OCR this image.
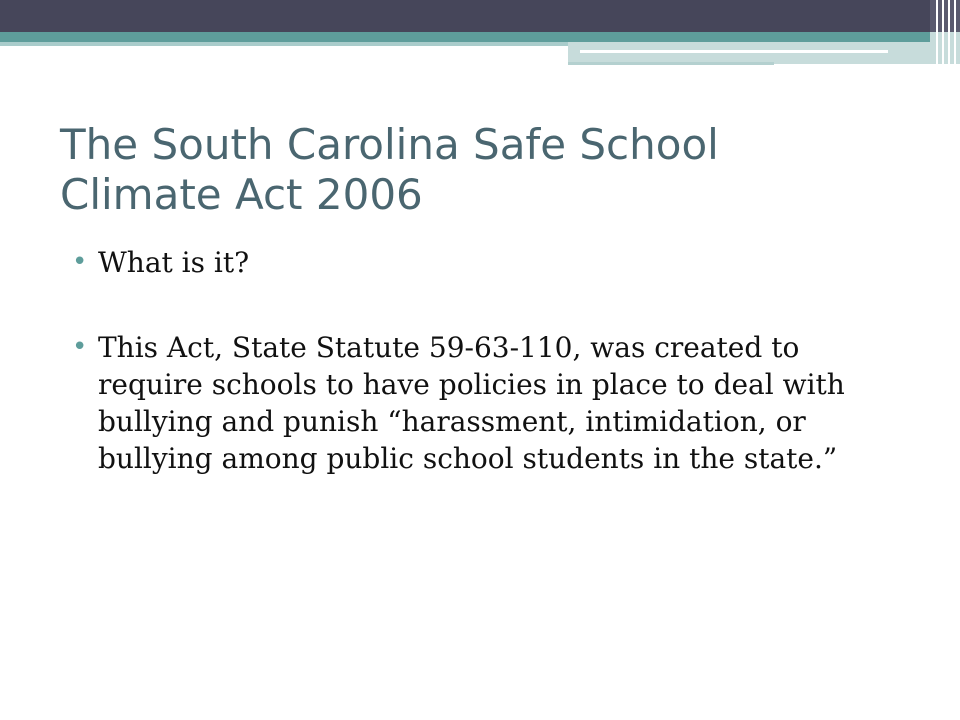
The South Carolina Safe School Climate Act 2006
• What is it?
• This Act, State Statute 59-63-110, was created to require schools to have policies in place to deal with bullying and punish “harassment, intimidation, or bullying among public school students in the state.”
